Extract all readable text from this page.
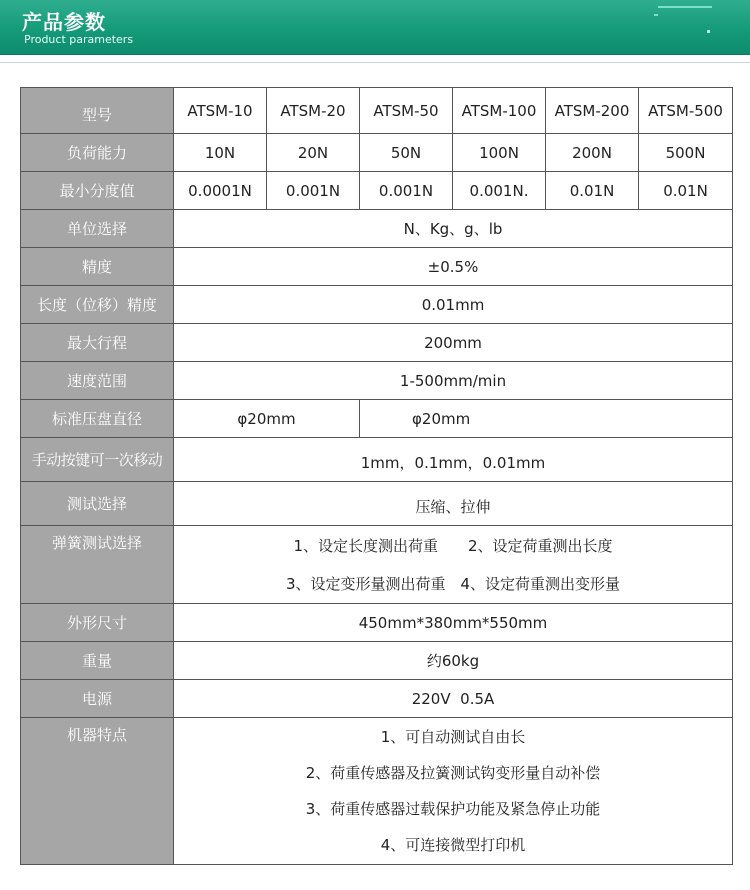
产品参数
Product parameters
型号	ATSM-10	ATSM-20	ATSM-50	ATSM-100	ATSM-200	ATSM-500
负荷能力	10N	20N	50N	100N	200N	500N
最小分度值	0.0001N	0.001N	0.001N	0.001N.	0.01N	0.01N
单位选择	N、Kg、g、lb					
精度	±0.5%					
长度（位移）精度	0.01mm					
最大行程	200mm					
速度范围	1-500mm/min					
标准压盘直径	φ20mm		φ20mm			
手动按键可一次移动	1mm，0.1mm，0.01mm					
测试选择	压缩、拉伸					
弹簧测试选择	1、设定长度测出荷重　　2、设定荷重测出长度
3、设定变形量测出荷重　4、设定荷重测出变形量					

外形尺寸	450mm*380mm*550mm					
重量	约60kg					
电源	220V  0.5A					
机器特点	1、可自动测试自由长
2、荷重传感器及拉簧测试钩变形量自动补偿
3、荷重传感器过载保护功能及紧急停止功能
4、可连接微型打印机					
